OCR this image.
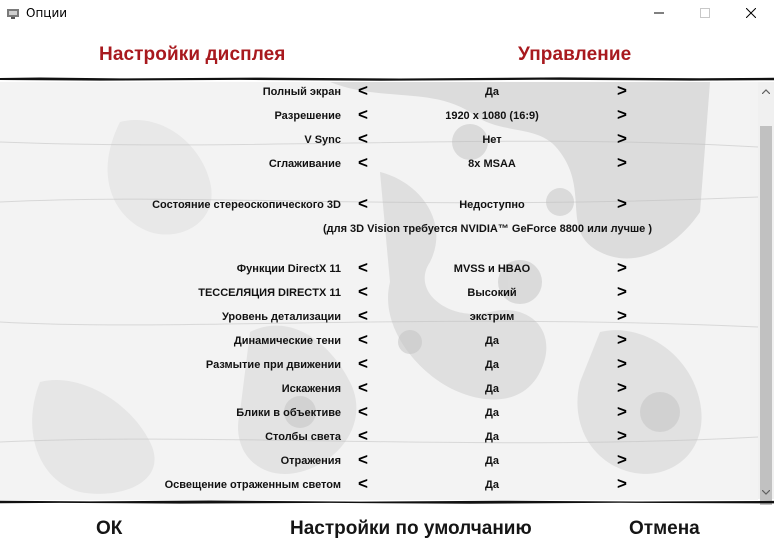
Опции
Настройки дисплея	Управление
Полный экран <	Да	>
Разрешение <	1920 x 1080 (16:9)	>
V Sync <	Нет	>
Сглаживание <	8x MSAA	>
Состояние стереоскопического 3D <	Недоступно	>
(для 3D Vision требуется NVIDIA™ GeForce 8800 или лучше )
Функции DirectX 11 <	MVSS и HBAO	>
ТЕССЕЛЯЦИЯ DIRECTX 11 <	Высокий	>
Уровень детализации <	экстрим	>
Динамические тени <	Да	>
Размытие при движении <	Да	>
Искажения <	Да	>
Блики в объективе <	Да	>
Столбы света <	Да	>
Отражения <	Да	>
Освещение отраженным светом <	Да	>
ОК	Настройки по умолчанию	Отмена
